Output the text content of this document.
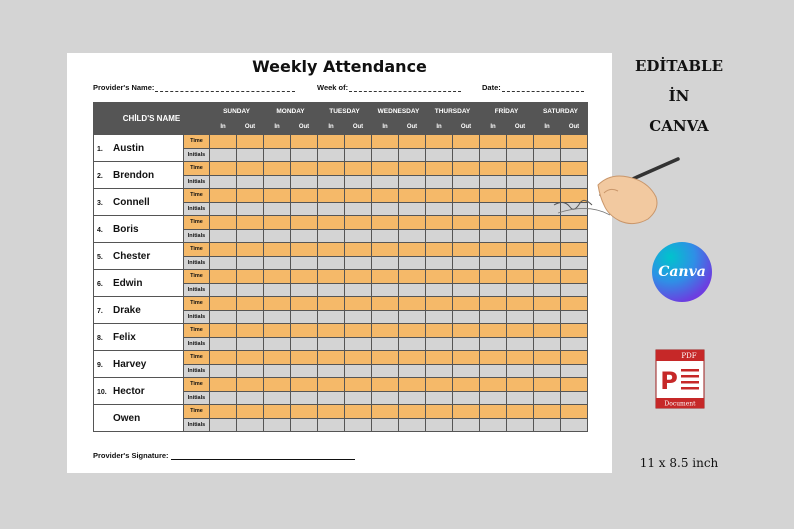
Weekly Attendance
Provider's Name:	Week of:	Date:
CHİLD'S NAME		SUNDAY		MONDAY		TUESDAY		WEDNESDAY		THURSDAY		FRİDAY		SATURDAY	
		In	Out	In	Out	In	Out	In	Out	In	Out	In	Out	In	Out
1. Austin	Time														
	Initials														
2. Brendon	Time														
	Initials														
3. Connell	Time														
	Initials														
4. Boris	Time														
	Initials														
5. Chester	Time														
	Initials														
6. Edwin	Time														
	Initials														
7. Drake	Time														
	Initials														
8. Felix	Time														
	Initials														
9. Harvey	Time														
	Initials														
10. Hector	Time														
	Initials														
Owen	Time														
	Initials														
Provider's Signature:
EDİTABLE
İN
CANVA
Canva
PDF
P
Document
11 x 8.5 inch
